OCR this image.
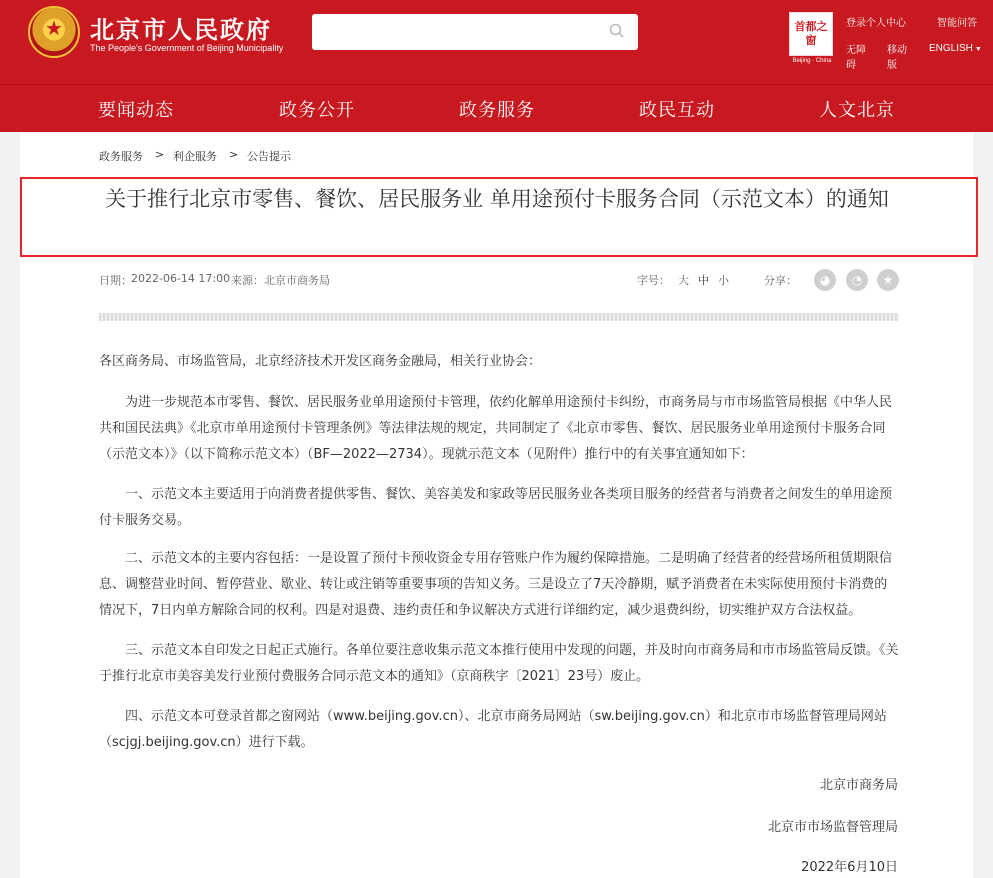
★	北京市人民政府
The People's Government of Beijing Municipality
首都之窗
Beijing · China
登录 个人中心	智能问答
无障碍
移动版
ENGLISH ▼
要闻动态	政务公开	政务服务	政民互动	人文北京
政务服务 > 利企服务 > 公告提示
关于推行北京市零售、餐饮、居民服务业 单用途预付卡服务合同（示范文本）的通知
日期： 2022-06-14 17:00 来源： 北京市商务局	字号： 大 中 小	分享：	◕	◔	★
各区商务局、市场监管局，北京经济技术开发区商务金融局，相关行业协会：
为进一步规范本市零售、餐饮、居民服务业单用途预付卡管理，依约化解单用途预付卡纠纷，市商务局与市市场监管局根据《中华人民共和国民法典》《北京市单用途预付卡管理条例》等法律法规的规定，共同制定了《北京市零售、餐饮、居民服务业单用途预付卡服务合同（示范文本）》（以下简称示范文本）（BF—2022—2734）。现就示范文本（见附件）推行中的有关事宜通知如下：
一、示范文本主要适用于向消费者提供零售、餐饮、美容美发和家政等居民服务业各类项目服务的经营者与消费者之间发生的单用途预付卡服务交易。
二、示范文本的主要内容包括：一是设置了预付卡预收资金专用存管账户作为履约保障措施。二是明确了经营者的经营场所租赁期限信息、调整营业时间、暂停营业、歇业、转让或注销等重要事项的告知义务。三是设立了7天冷静期，赋予消费者在未实际使用预付卡消费的情况下，7日内单方解除合同的权利。四是对退费、违约责任和争议解决方式进行详细约定，减少退费纠纷，切实维护双方合法权益。
三、示范文本自印发之日起正式施行。各单位要注意收集示范文本推行使用中发现的问题，并及时向市商务局和市市场监管局反馈。《关于推行北京市美容美发行业预付费服务合同示范文本的通知》（京商秩字〔2021〕23号）废止。
四、示范文本可登录首都之窗网站（www.beijing.gov.cn）、北京市商务局网站（sw.beijing.gov.cn）和北京市市场监督管理局网站（scjgj.beijing.gov.cn）进行下载。
北京市商务局
北京市市场监督管理局
2022年6月10日
